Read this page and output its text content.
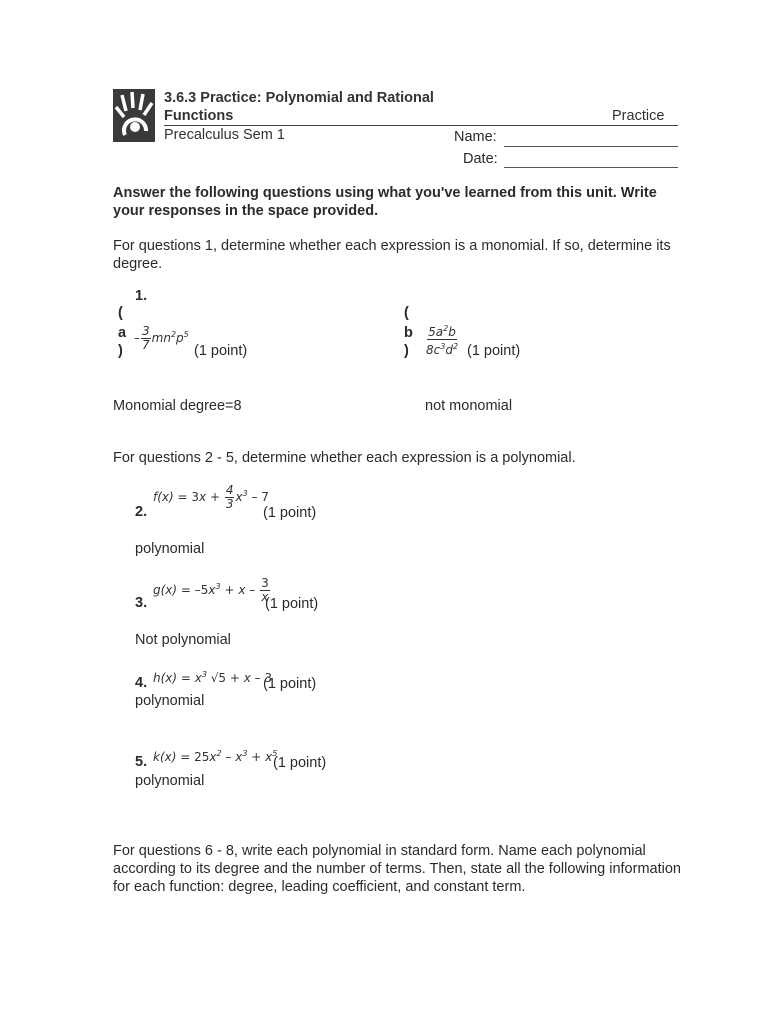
3.6.3 Practice: Polynomial and Rational Functions	Practice
Precalculus Sem 1	Name:
Date:
Answer the following questions using what you've learned from this unit. Write your responses in the space provided.
For questions 1, determine whether each expression is a monomial. If so, determine its degree.
1.
(
a
)
– $\frac{3}{7} mn^2p^5$
(1 point)
(
b
) $\frac{5a^2b}{8c^3d^2} (1$ point)
Monomial degree=8	not monomial
For questions 2 - 5, determine whether each expression is a polynomial.
2.
$f(x) = 3x + \frac{4}{3} x^3 - 7$
(1 point)
polynomial
3.
$g(x) = -5x^3 + x - \frac{3}{x}$
(1 point)
Not polynomial
4. $h(x) = x^3$ √5 + x – 3
(1 point)
polynomial
5. $k(x) = 25x^2 - x^3 + x^5$
(1 point)
polynomial
For questions 6 - 8, write each polynomial in standard form. Name each polynomial according to its degree and the number of terms. Then, state all the following information for each function: degree, leading coefficient, and constant term.
